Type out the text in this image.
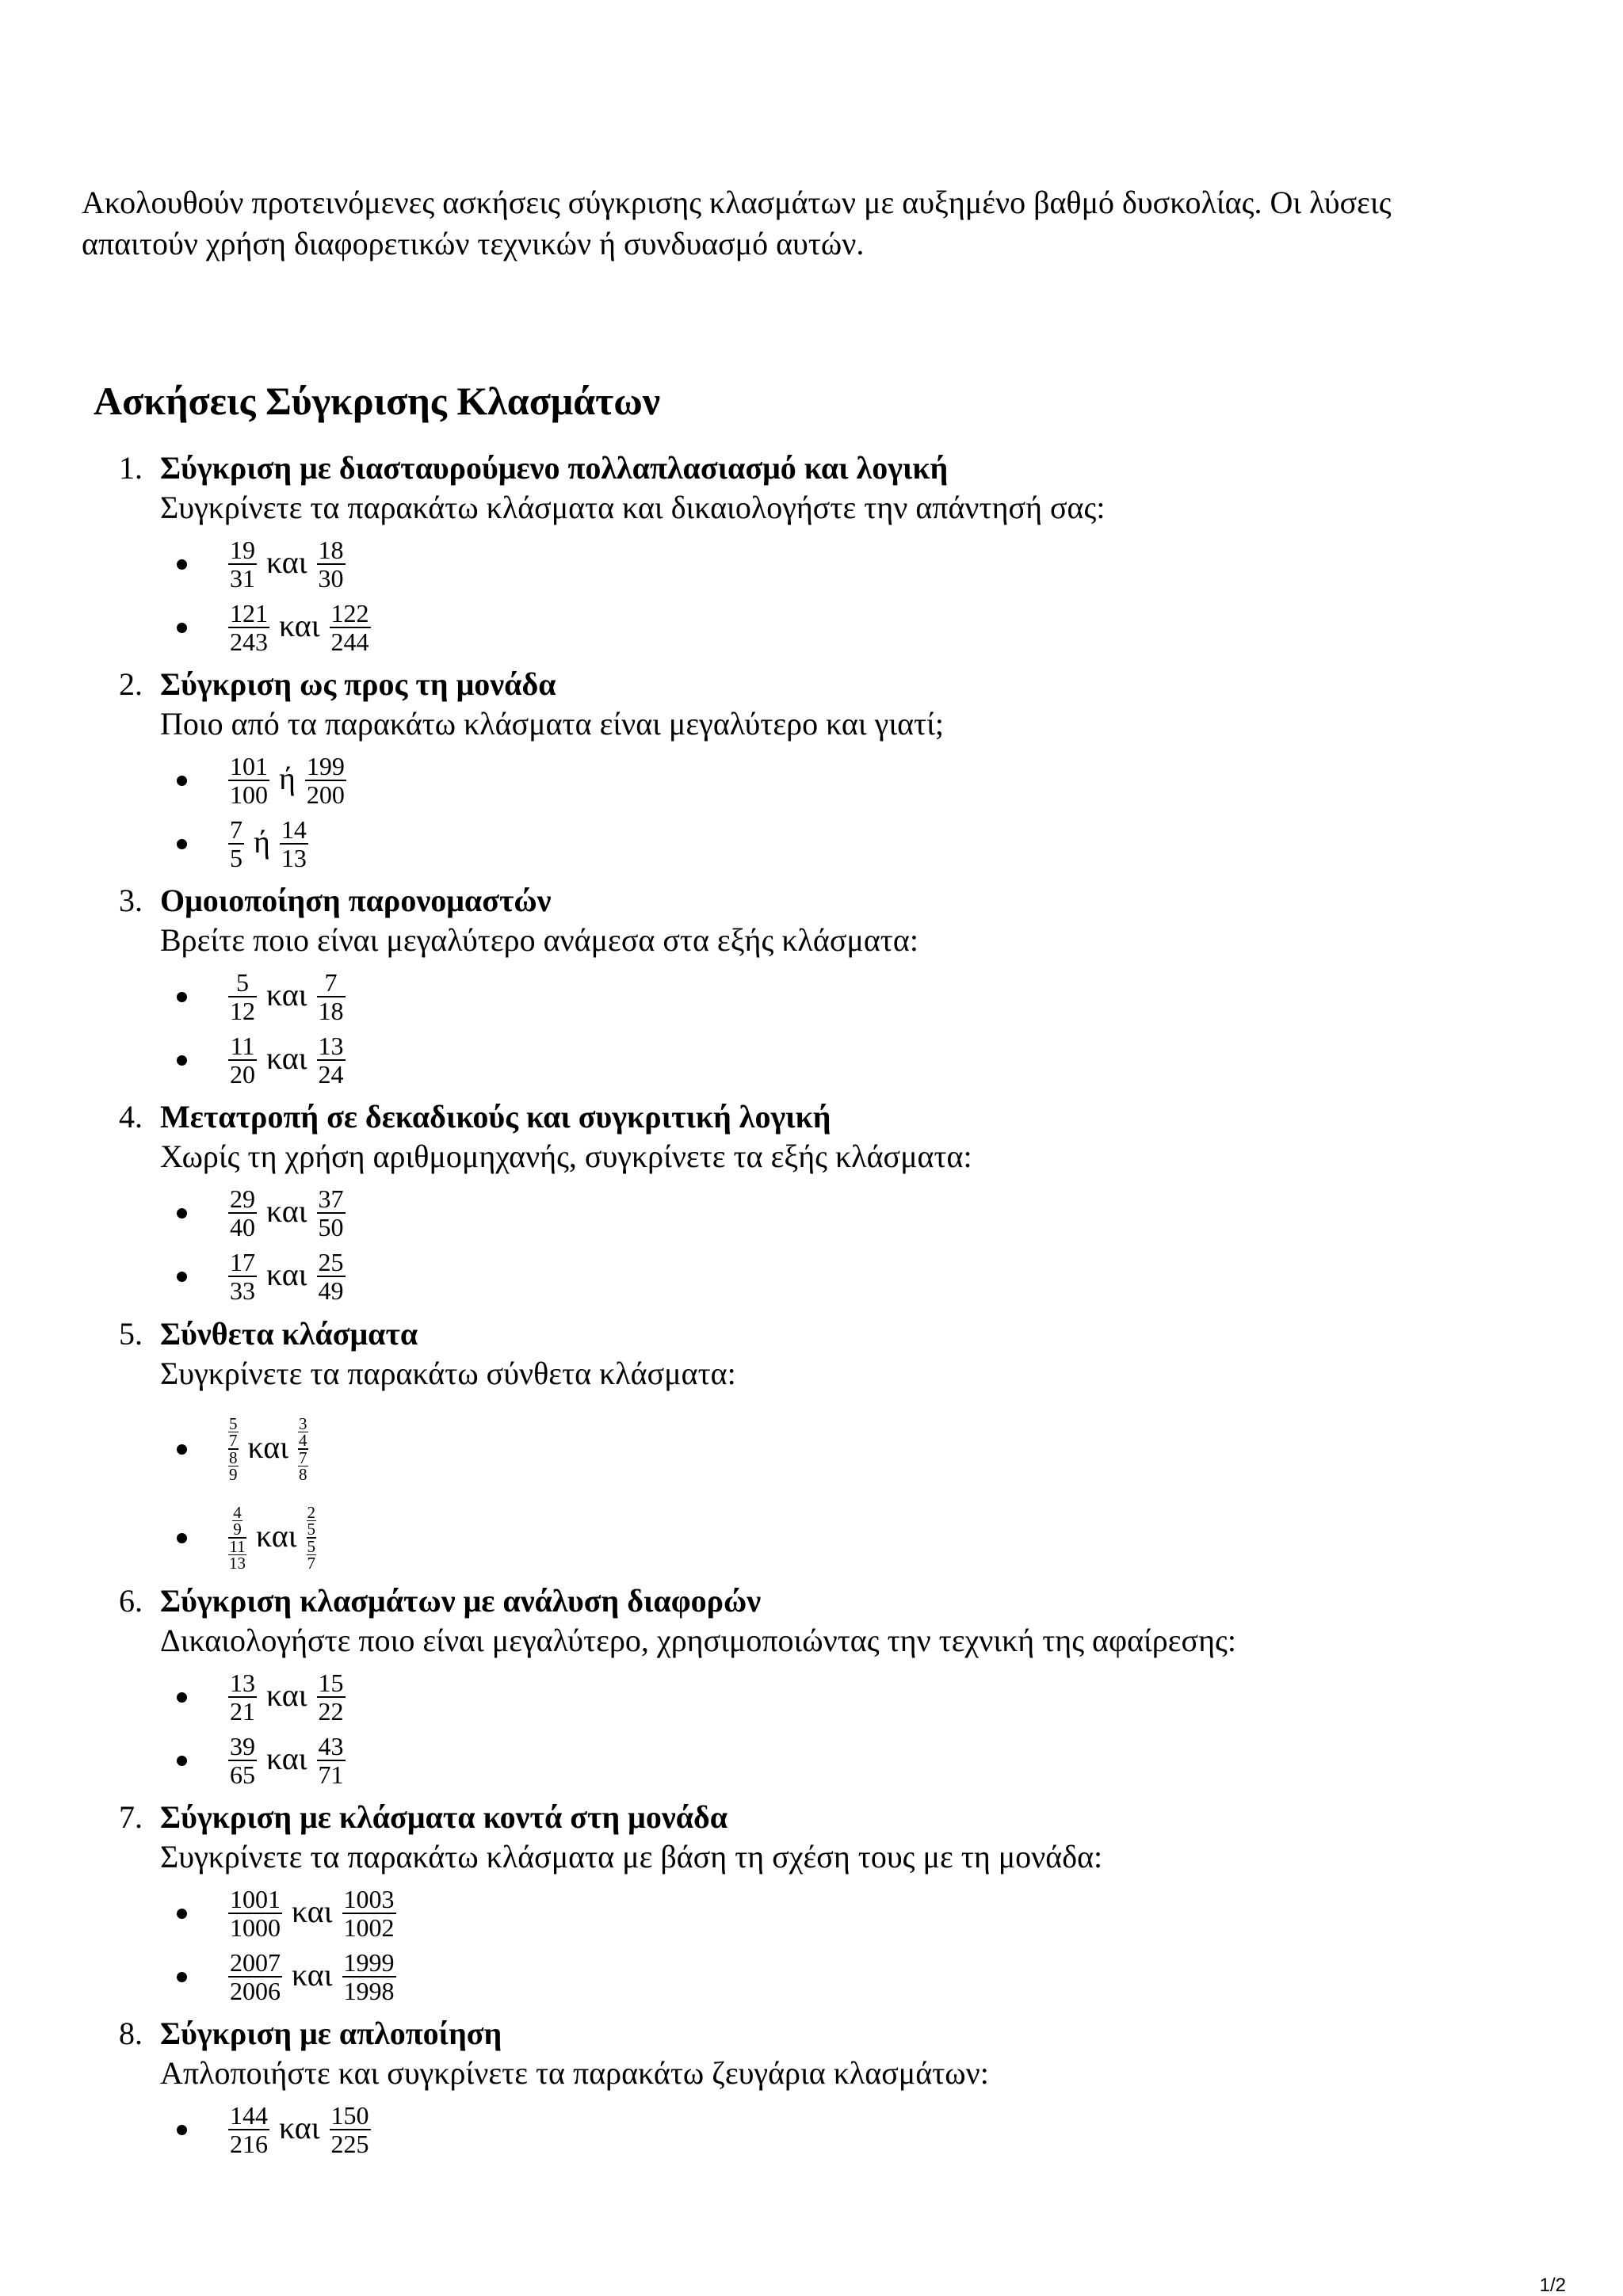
Ακολουθούν προτεινόμενες ασκήσεις σύγκρισης κλασμάτων με αυξημένο βαθμό δυσκολίας. Οι λύσεις απαιτούν χρήση διαφορετικών τεχνικών ή συνδυασμό αυτών.

Ασκήσεις Σύγκρισης Κλασμάτων
1. Σύγκριση με διασταυρούμενο πολλαπλασιασμό και λογική
Συγκρίνετε τα παρακάτω κλάσματα και δικαιολογήστε την απάντησή σας:
$\frac{19}{31}$ και $\frac{18}{30}$
$\frac{121}{243}$ και $\frac{122}{244}$
2. Σύγκριση ως προς τη μονάδα
Ποιο από τα παρακάτω κλάσματα είναι μεγαλύτερο και γιατί;
$\frac{101}{100}$ ή $\frac{199}{200}$
$\frac{7}{5}$ ή $\frac{14}{13}$
3. Ομοιοποίηση παρονομαστών
Βρείτε ποιο είναι μεγαλύτερο ανάμεσα στα εξής κλάσματα:
$\frac{5}{12}$ και $\frac{7}{18}$
$\frac{11}{20}$ και $\frac{13}{24}$
4. Μετατροπή σε δεκαδικούς και συγκριτική λογική
Χωρίς τη χρήση αριθμομηχανής, συγκρίνετε τα εξής κλάσματα:
$\frac{29}{40}$ και $\frac{37}{50}$
$\frac{17}{33}$ και $\frac{25}{49}$
5. Σύνθετα κλάσματα
Συγκρίνετε τα παρακάτω σύνθετα κλάσματα:
$\frac{5}{7}$
$\frac{8}{9}$
και $\frac{3}{4}$
$\frac{7}{8}$
$\frac{4}{9}$
$\frac{11}{13}$
και $\frac{2}{5}$
$\frac{5}{7}$
6. Σύγκριση κλασμάτων με ανάλυση διαφορών
Δικαιολογήστε ποιο είναι μεγαλύτερο, χρησιμοποιώντας την τεχνική της αφαίρεσης:
$\frac{13}{21}$ και $\frac{15}{22}$
$\frac{39}{65}$ και $\frac{43}{71}$
7. Σύγκριση με κλάσματα κοντά στη μονάδα
Συγκρίνετε τα παρακάτω κλάσματα με βάση τη σχέση τους με τη μονάδα:
$\frac{1001}{1000}$ και $\frac{1003}{1002}$
$\frac{2007}{2006}$ και $\frac{1999}{1998}$
8. Σύγκριση με απλοποίηση
Απλοποιήστε και συγκρίνετε τα παρακάτω ζευγάρια κλασμάτων:
$\frac{144}{216}$ και $\frac{150}{225}$
1/2
